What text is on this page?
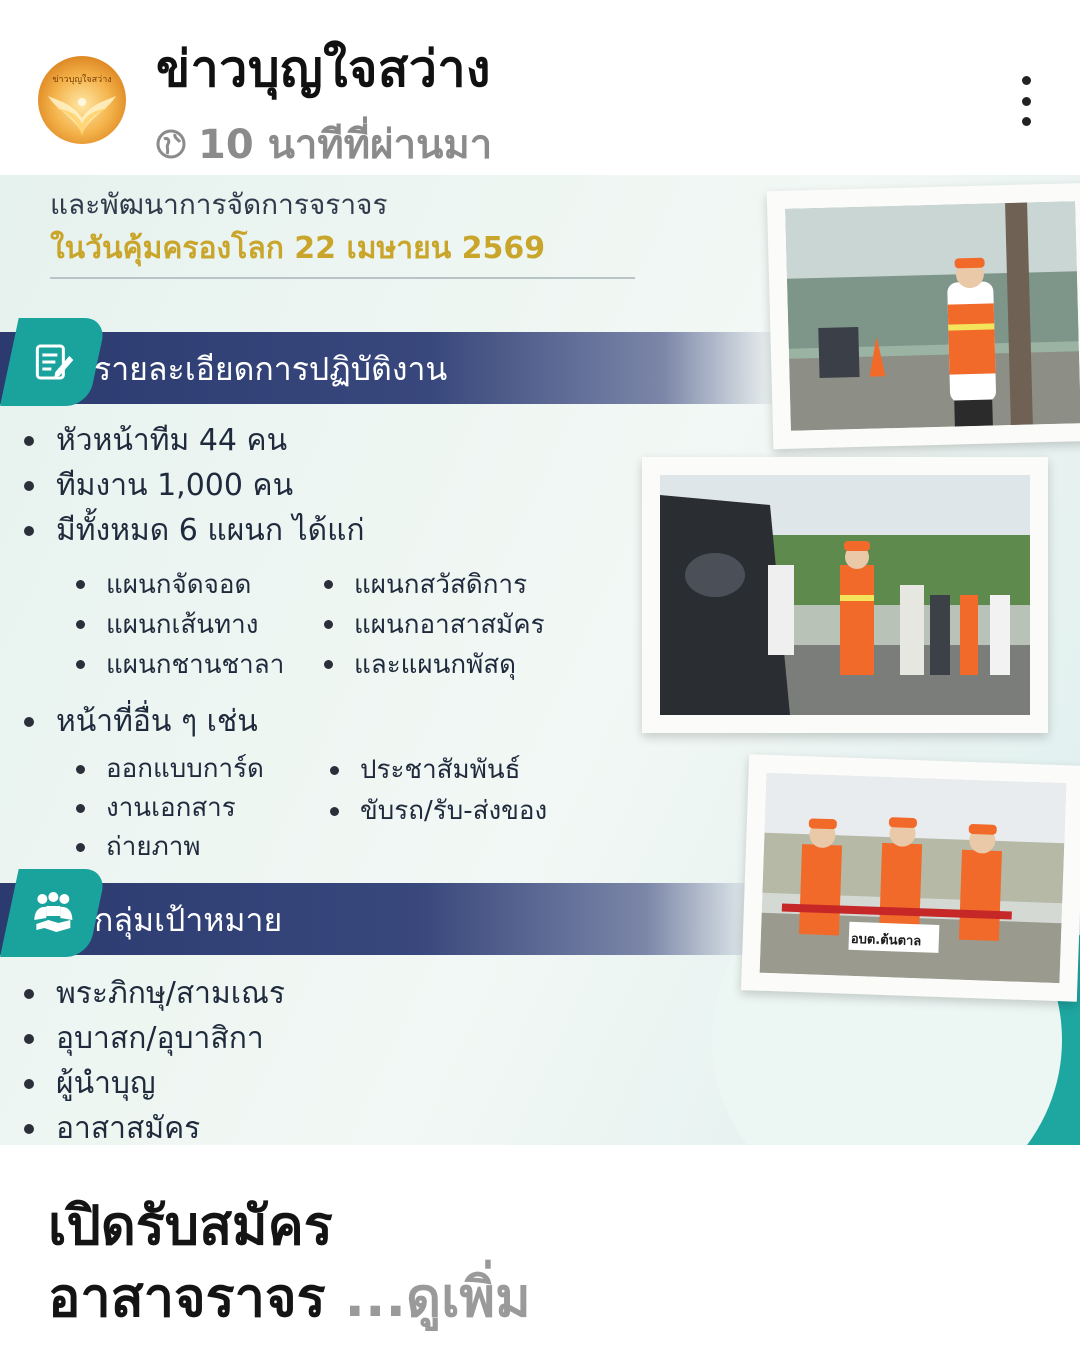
ข่าวบุญใจสว่าง ข่าวบุญใจสว่าง
10 นาทีที่ผ่านมา
และพัฒนาการจัดการจราจร
ในวันคุ้มครองโลก 22 เมษายน 2569
รายละเอียดการปฏิบัติงาน
หัวหน้าทีม 44 คน
ทีมงาน 1,000 คน
มีทั้งหมด 6 แผนก ได้แก่
แผนกจัดจอด
แผนกเส้นทาง
แผนกชานชาลา
แผนกสวัสดิการ
แผนกอาสาสมัคร
และแผนกพัสดุ
หน้าที่อื่น ๆ เช่น
ออกแบบการ์ด
งานเอกสาร
ถ่ายภาพ
ประชาสัมพันธ์
ขับรถ/รับ-ส่งของ
กลุ่มเป้าหมาย
พระภิกษุ/สามเณร
อุบาสก/อุบาสิกา
ผู้นำบุญ
อาสาสมัคร
อบต.ต้นตาล
เปิดรับสมัคร
อาสาจราจร ...ดูเพิ่ม
